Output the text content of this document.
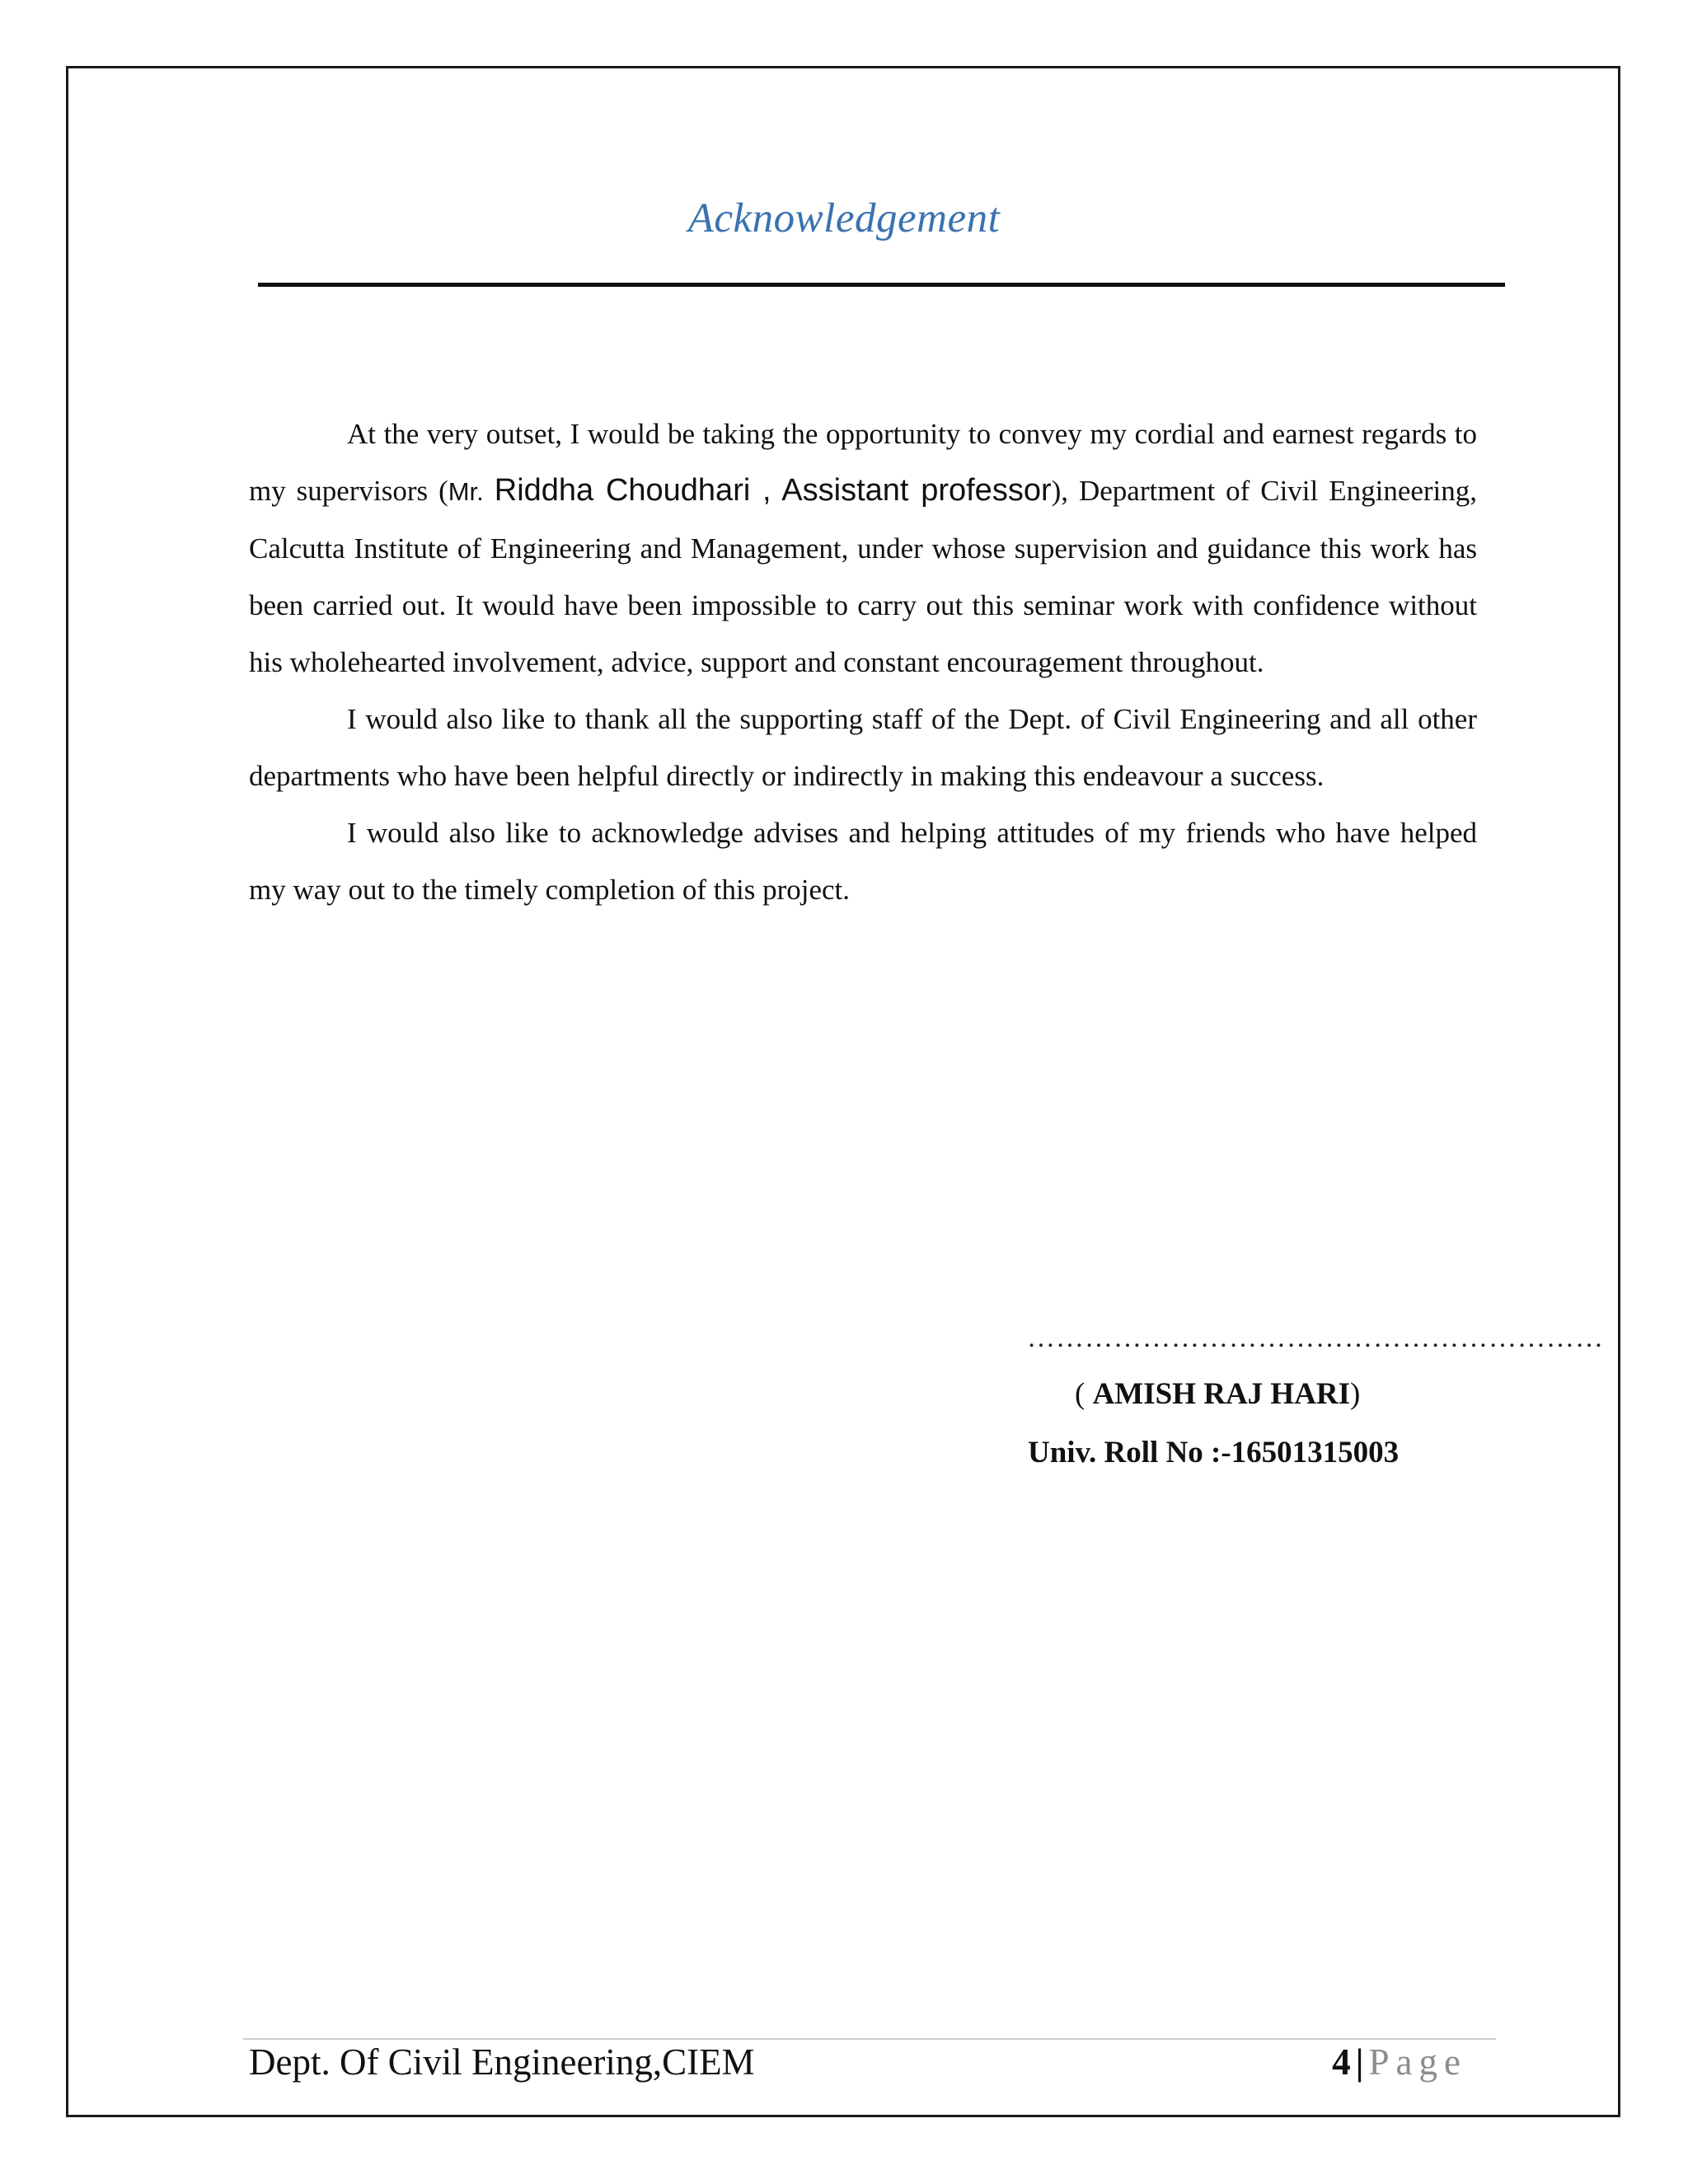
Acknowledgement

At the very outset, I would be taking the opportunity to convey my cordial and earnest regards to my supervisors (Mr. Riddha Choudhari , Assistant professor), Department of Civil Engineering, Calcutta Institute of Engineering and Management, under whose supervision and guidance this work has been carried out. It would have been impossible to carry out this seminar work with confidence without his wholehearted involvement, advice, support and constant encouragement throughout.

I would also like to thank all the supporting staff of the Dept. of Civil Engineering and all other departments who have been helpful directly or indirectly in making this endeavour a success.

I would also like to acknowledge advises and helping attitudes of my friends who have helped my way out to the timely completion of this project.

……………………………………………………
( AMISH RAJ HARI)
Univ. Roll No :-16501315003
Dept. Of Civil Engineering,CIEM	4 | Page
